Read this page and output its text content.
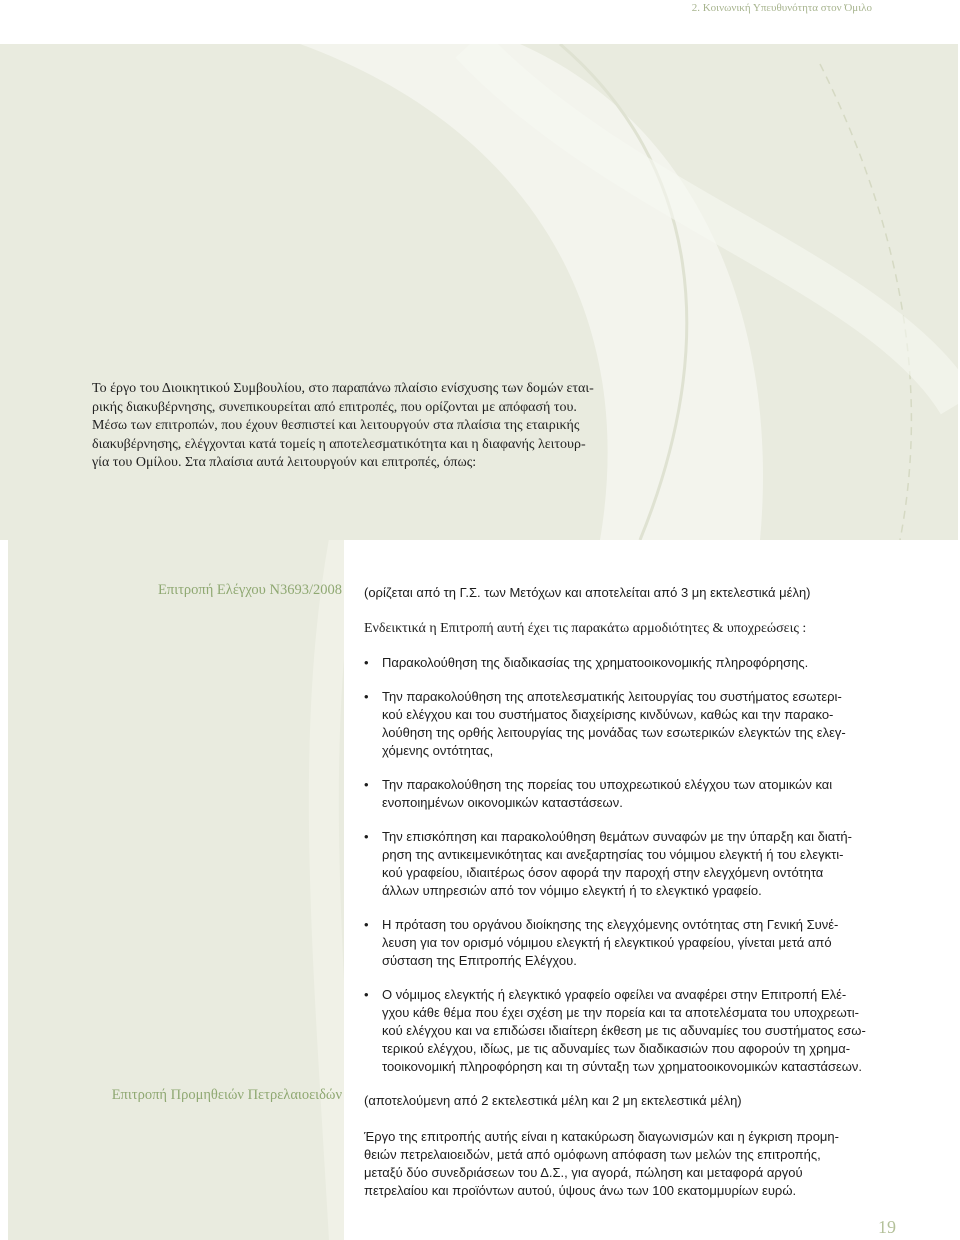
2. Κοινωνική Υπευθυνότητα στον Όμιλο
Το έργο του Διοικητικού Συμβουλίου, στο παραπάνω πλαίσιο ενίσχυσης των δομών εται-
ρικής διακυβέρνησης, συνεπικουρείται από επιτροπές, που ορίζονται με απόφασή του.
Μέσω των επιτροπών, που έχουν θεσπιστεί και λειτουργούν στα πλαίσια της εταιρικής
διακυβέρνησης, ελέγχονται κατά τομείς η αποτελεσματικότητα και η διαφανής λειτουρ-
γία του Ομίλου. Στα πλαίσια αυτά λειτουργούν και επιτροπές, όπως:

Επιτροπή Ελέγχου Ν3693/2008 (ορίζεται από τη Γ.Σ. των Μετόχων και αποτελείται από 3 μη εκτελεστικά μέλη)

Ενδεικτικά η Επιτροπή αυτή έχει τις παρακάτω αρμοδιότητες & υποχρεώσεις :

• Παρακολούθηση της διαδικασίας της χρηματοοικονομικής πληροφόρησης.
• Την παρακολούθηση της αποτελεσματικής λειτουργίας του συστήματος εσωτερι-
κού ελέγχου και του συστήματος διαχείρισης κινδύνων, καθώς και την παρακο-
λούθηση της ορθής λειτουργίας της μονάδας των εσωτερικών ελεγκτών της ελεγ-
χόμενης οντότητας,
• Την παρακολούθηση της πορείας του υποχρεωτικού ελέγχου των ατομικών και
ενοποιημένων οικονομικών καταστάσεων.
• Την επισκόπηση και παρακολούθηση θεμάτων συναφών με την ύπαρξη και διατή-
ρηση της αντικειμενικότητας και ανεξαρτησίας του νόμιμου ελεγκτή ή του ελεγκτι-
κού γραφείου, ιδιαιτέρως όσον αφορά την παροχή στην ελεγχόμενη οντότητα
άλλων υπηρεσιών από τον νόμιμο ελεγκτή ή το ελεγκτικό γραφείο.
• Η πρόταση του οργάνου διοίκησης της ελεγχόμενης οντότητας στη Γενική Συνέ-
λευση για τον ορισμό νόμιμου ελεγκτή ή ελεγκτικού γραφείου, γίνεται μετά από
σύσταση της Επιτροπής Ελέγχου.
• Ο νόμιμος ελεγκτής ή ελεγκτικό γραφείο οφείλει να αναφέρει στην Επιτροπή Ελέ-
γχου κάθε θέμα που έχει σχέση με την πορεία και τα αποτελέσματα του υποχρεωτι-
κού ελέγχου και να επιδώσει ιδιαίτερη έκθεση με τις αδυναμίες του συστήματος εσω-
τερικού ελέγχου, ιδίως, με τις αδυναμίες των διαδικασιών που αφορούν τη χρημα-
τοοικονομική πληροφόρηση και τη σύνταξη των χρηματοοικονομικών καταστάσεων.

Επιτροπή Προμηθειών Πετρελαιοειδών (αποτελούμενη από 2 εκτελεστικά μέλη και 2 μη εκτελεστικά μέλη)

Έργο της επιτροπής αυτής είναι η κατακύρωση διαγωνισμών και η έγκριση προμη-
θειών πετρελαιοειδών, μετά από ομόφωνη απόφαση των μελών της επιτροπής,
μεταξύ δύο συνεδριάσεων του Δ.Σ., για αγορά, πώληση και μεταφορά αργού
πετρελαίου και προϊόντων αυτού, ύψους άνω των 100 εκατομμυρίων ευρώ.
19
